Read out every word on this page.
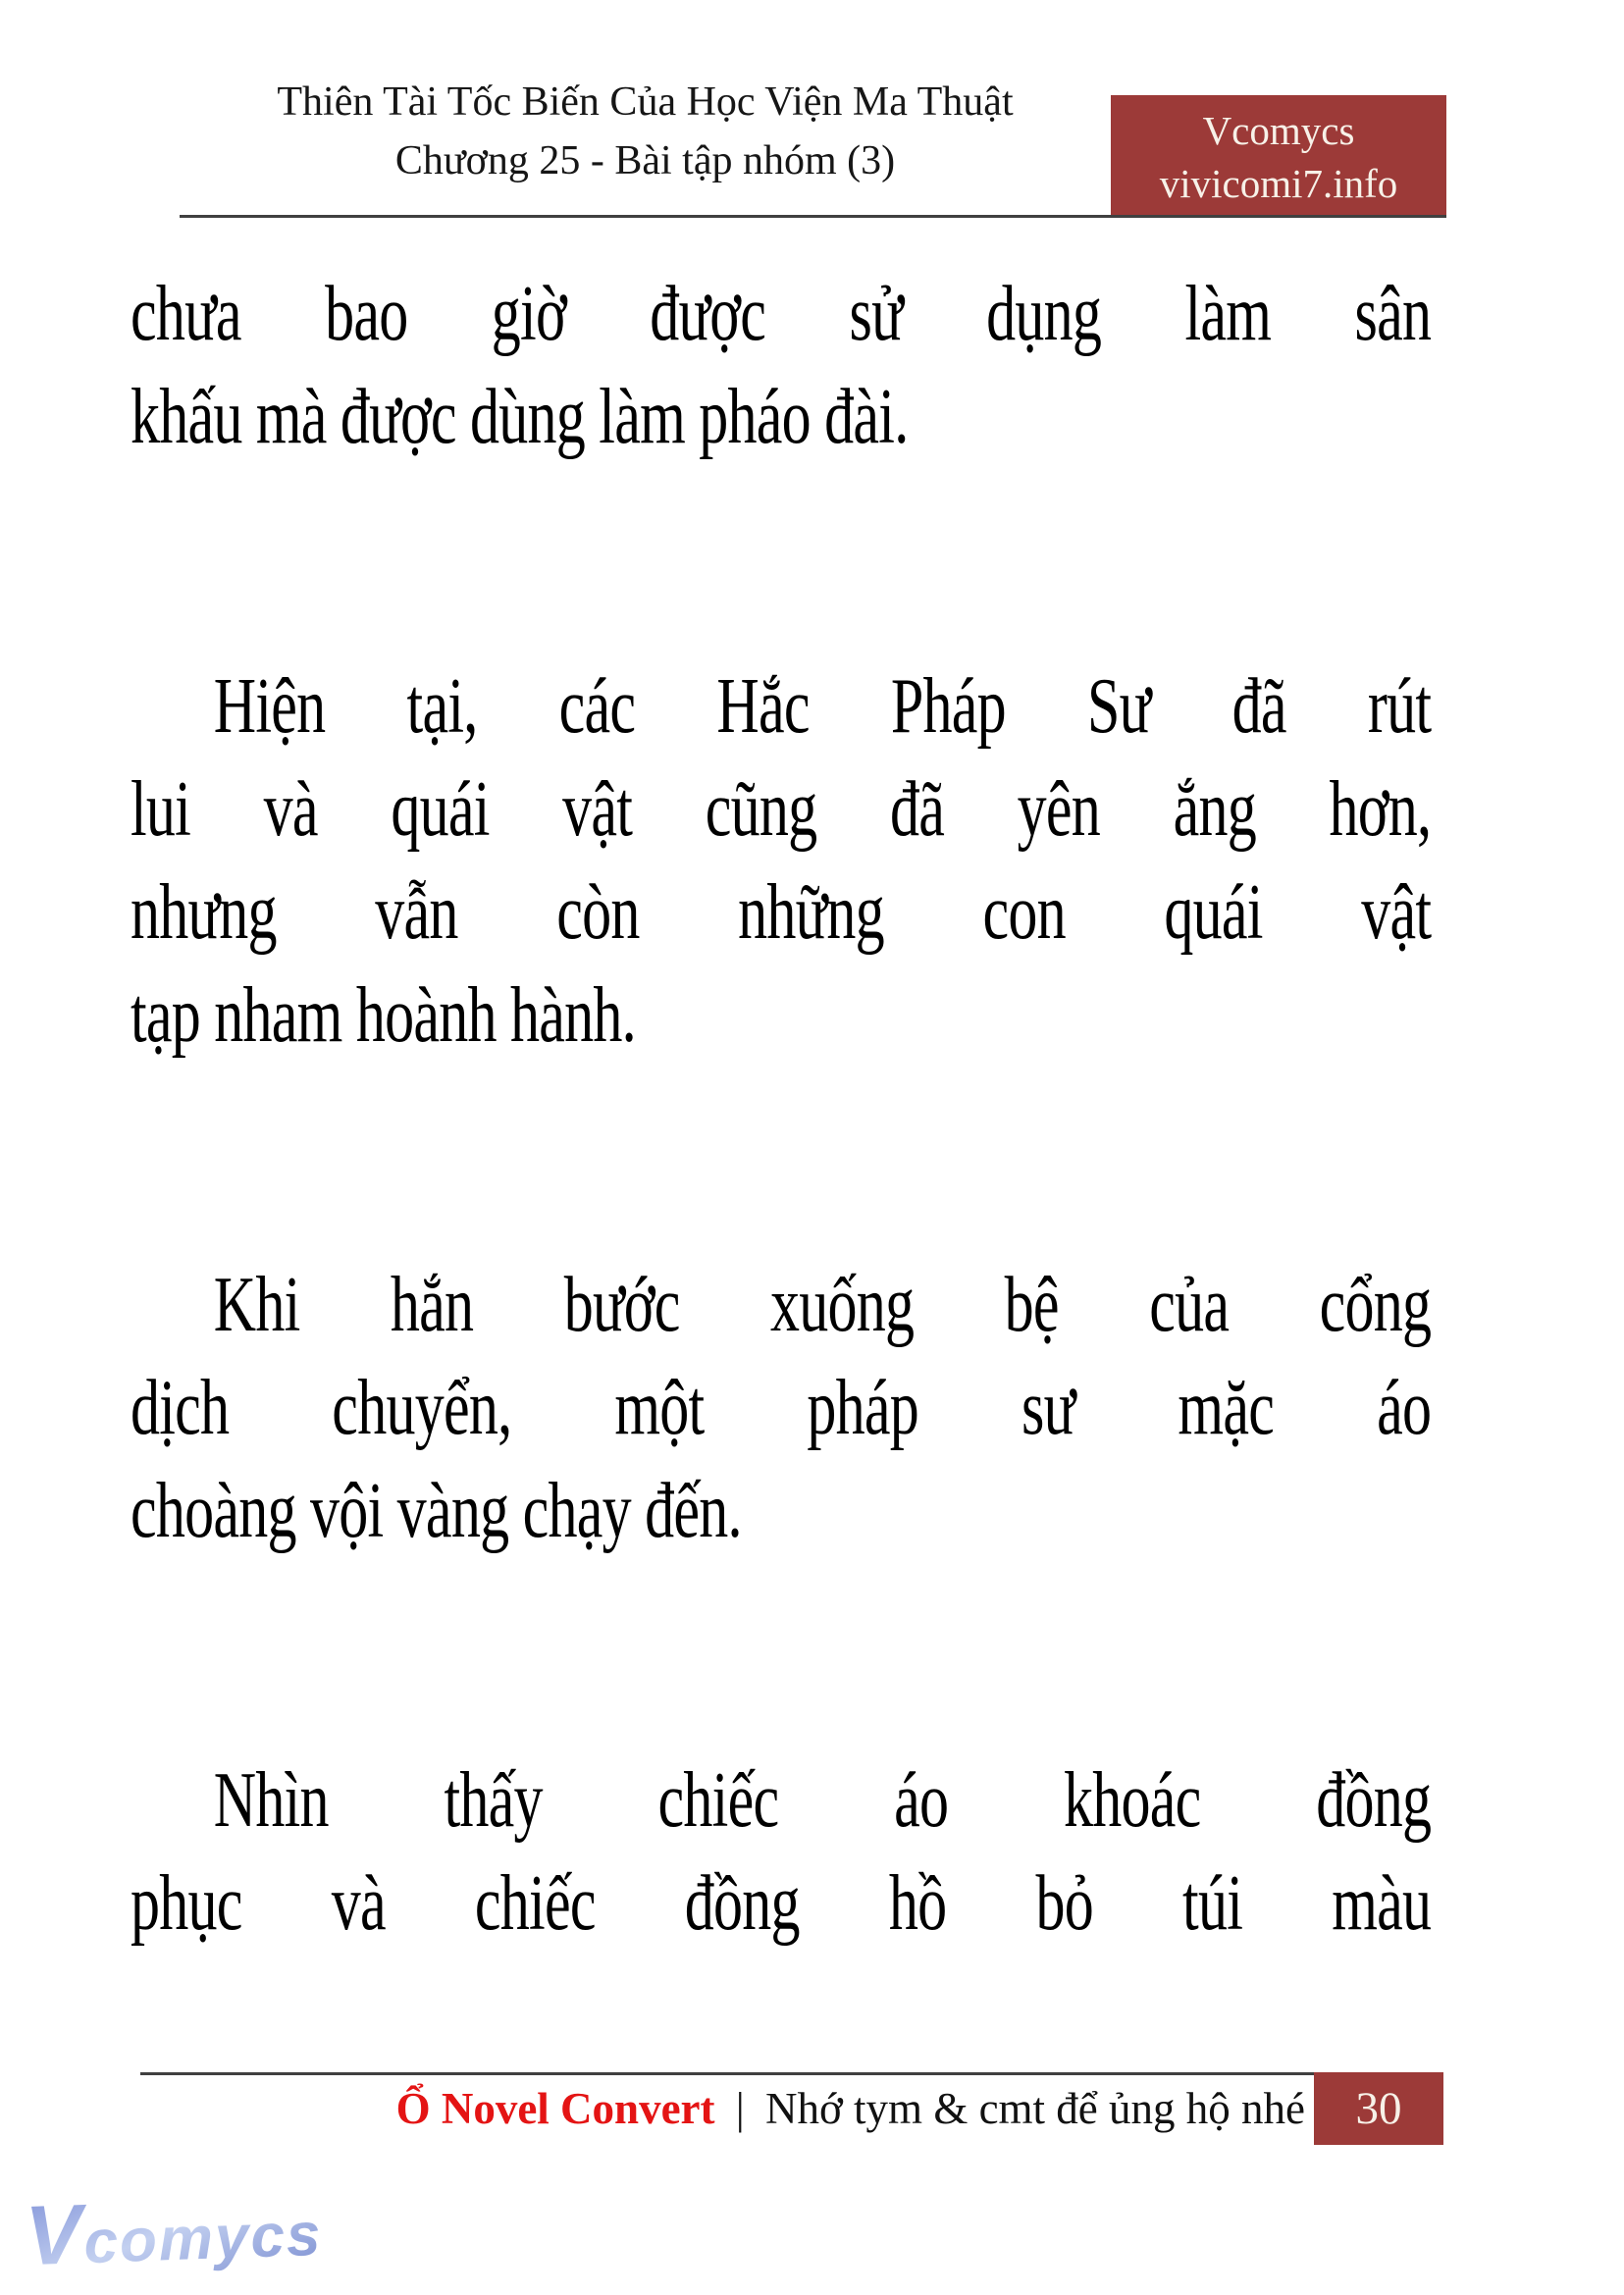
Thiên Tài Tốc Biến Của Học Viện Ma Thuật
Chương 25 - Bài tập nhóm (3)
Vcomycs
vivicomi7.info
chưa bao giờ được sử dụng làm sân
khấu mà được dùng làm pháo đài.
Hiện tại, các Hắc Pháp Sư đã rút
lui và quái vật cũng đã yên ắng hơn,
nhưng vẫn còn những con quái vật
tạp nham hoành hành.
Khi hắn bước xuống bệ của cổng
dịch chuyển, một pháp sư mặc áo
choàng vội vàng chạy đến.
Nhìn thấy chiếc áo khoác đồng
phục và chiếc đồng hồ bỏ túi màu
Ổ Novel Convert | Nhớ tym & cmt để ủng hộ nhé 30
Vcomycs
